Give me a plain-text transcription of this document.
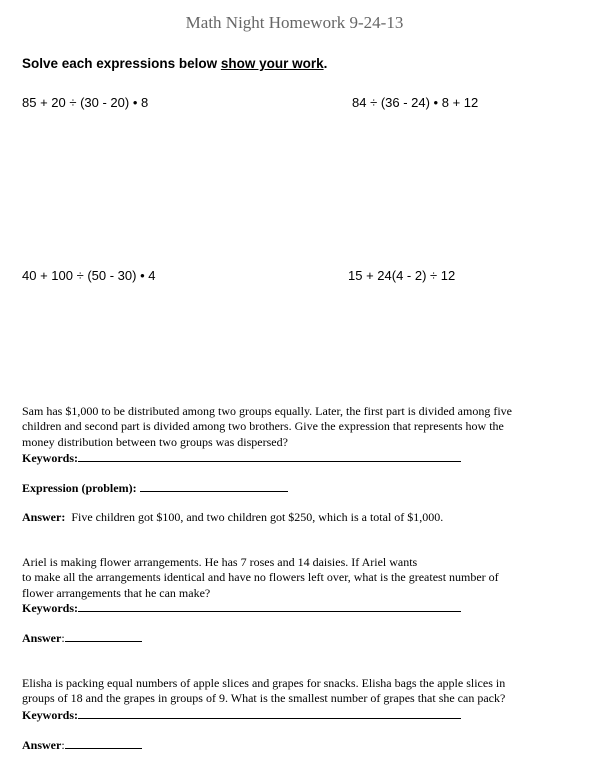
Math Night Homework 9-24-13
Solve each expressions below show your work.
85 + 20 ÷ (30 - 20) • 8	84 ÷ (36 - 24) • 8 + 12
40 + 100 ÷ (50 - 30) • 4	15 + 24(4 - 2) ÷ 12
Sam has $1,000 to be distributed among two groups equally. Later, the first part is divided among five
children and second part is divided among two brothers. Give the expression that represents how the
money distribution between two groups was dispersed?
Keywords:
Expression (problem):
Answer: Five children got $100, and two children got $250, which is a total of $1,000.
Ariel is making flower arrangements. He has 7 roses and 14 daisies. If Ariel wants
to make all the arrangements identical and have no flowers left over, what is the greatest number of
flower arrangements that he can make?
Keywords:
Answer:
Elisha is packing equal numbers of apple slices and grapes for snacks. Elisha bags the apple slices in
groups of 18 and the grapes in groups of 9. What is the smallest number of grapes that she can pack?
Keywords:
Answer:
